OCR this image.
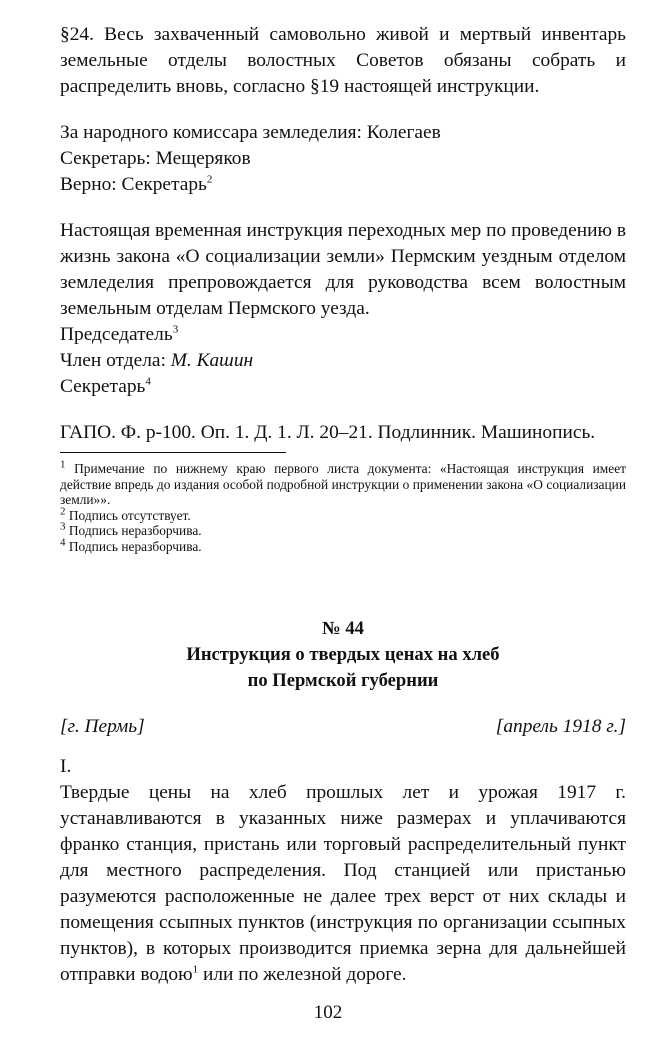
§24. Весь захваченный самовольно живой и мертвый инвентарь земельные отделы волостных Советов обязаны собрать и распределить вновь, согласно §19 настоящей инструкции.

За народного комиссара земледелия: Колегаев

Секретарь: Мещеряков

Верно: Секретарь$^2$

Настоящая временная инструкция переходных мер по проведению в жизнь закона «О социализации земли» Пермским уездным отделом земледелия препровождается для руководства всем волостным земельным отделам Пермского уезда.

Председатель$^3$

Член отдела: М. Кашин

Секретарь$^4$

ГАПО. Ф. р-100. Оп. 1. Д. 1. Л. 20–21. Подлинник. Машинопись.

$^1$ Примечание по нижнему краю первого листа документа: «Настоящая инструкция имеет действие впредь до издания особой подробной инструкции о применении закона «О социализации земли»».

$^2$ Подпись отсутствует.

$^3$ Подпись неразборчива.

$^4$ Подпись неразборчива.

№ 44

Инструкция о твердых ценах на хлеб

по Пермской губернии

[г. Пермь]	[апрель 1918 г.]

I.

Твердые цены на хлеб прошлых лет и урожая 1917 г. устанавливаются в указанных ниже размерах и уплачиваются франко станция, пристань или торговый распределительный пункт для местного распределения. Под станцией или пристанью разумеются расположенные не далее трех верст от них склады и помещения ссыпных пунктов (инструкция по организации ссыпных пунктов), в которых производится приемка зерна для дальнейшей отправки водою$^1$ или по железной дороге.

102
